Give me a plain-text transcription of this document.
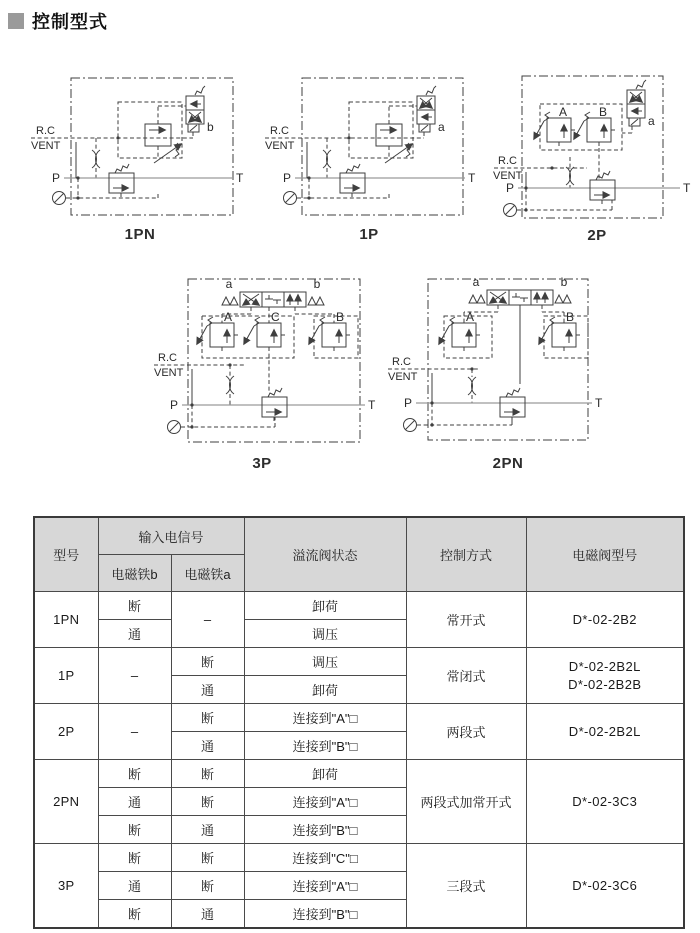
控制型式
R.C
VENT
P	T
b
1PN
R.C
VENT
P	T
a
1P
R.C
VENT
P	T
A	B
a
2P
a	b
A	C	B
R.C
VENT
P	T
3P
a	b
A	B
R.C
VENT
P	T
2PN
型号	输入电信号		溢流阀状态	控制方式	电磁阀型号
	电磁铁b	电磁铁a			
1PN	断	–	卸荷	常开式	D*-02-2B2
	通		调压		
1P	–	断	调压	常闭式	D*-02-2B2L
D*-02-2B2B

		通	卸荷		
2P	–	断	连接到"A"□	两段式	D*-02-2B2L
		通	连接到"B"□		
2PN	断	断	卸荷	两段式加常开式	D*-02-3C3
	通	断	连接到"A"□		
	断	通	连接到"B"□		
3P	断	断	连接到"C"□	三段式	D*-02-3C6
	通	断	连接到"A"□		
	断	通	连接到"B"□		
